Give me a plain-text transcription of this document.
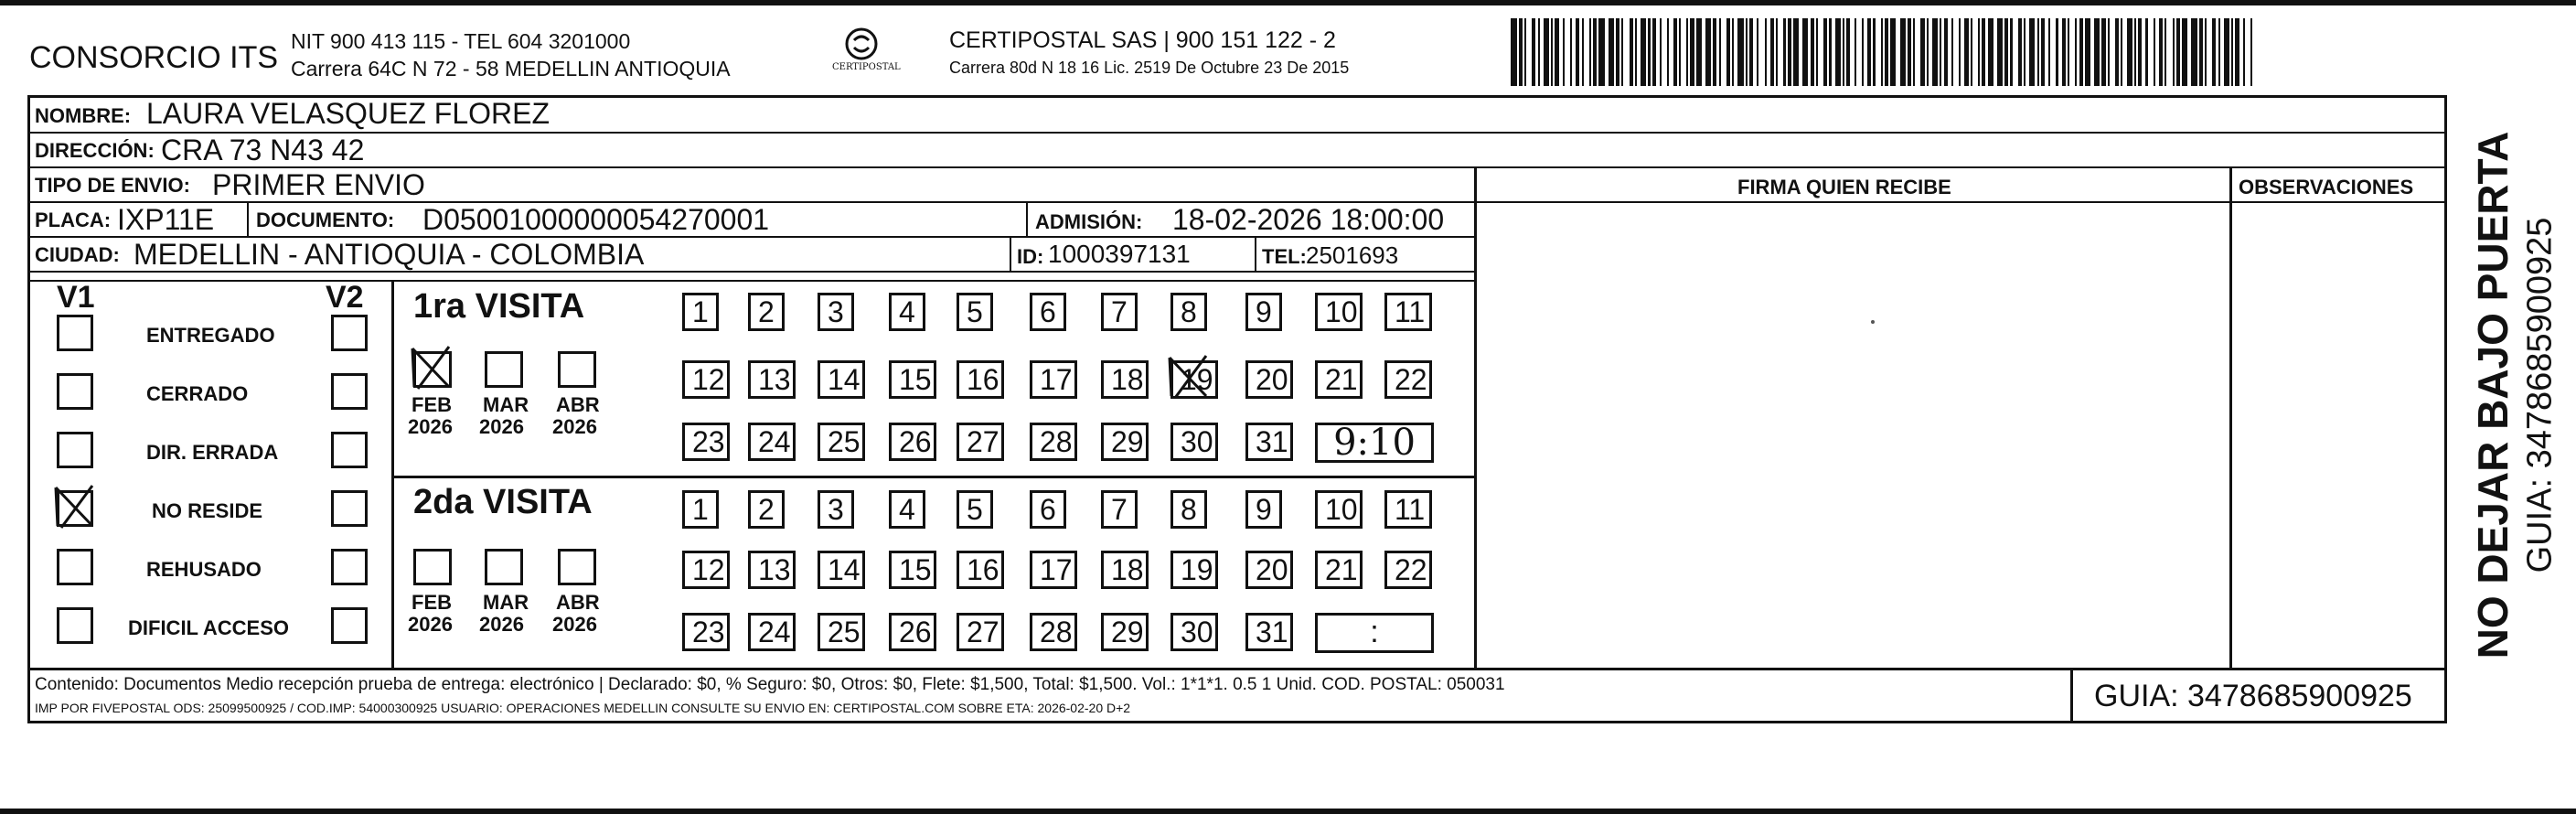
CONSORCIO ITS NIT 900 413 115 - TEL 604 3201000
Carrera 64C N 72 - 58 MEDELLIN ANTIOQUIA	CERTIPOSTAL
CERTIPOSTAL SAS | 900 151 122 - 2
Carrera 80d N 18 16 Lic. 2519 De Octubre 23 De 2015
NOMBRE: LAURA VELASQUEZ FLOREZ
DIRECCIÓN: CRA 73 N43 42
TIPO DE ENVIO: PRIMER ENVIO
PLACA: IXP11E DOCUMENTO: D05001000000054270001	ADMISIÓN: 18-02-2026 18:00:00
CIUDAD: MEDELLIN - ANTIOQUIA - COLOMBIA	ID: 1000397131	TEL: 2501693
FIRMA QUIEN RECIBE	OBSERVACIONES
V1	V2
ENTREGADO
CERRADO
DIR. ERRADA
NO RESIDE
REHUSADO
DIFICIL ACCESO
1ra VISITA
FEB
2026
MAR
2026
ABR
2026
1	2	3	4	5	6	7	8	9	10	11
12	13	14	15	16	17	18	19	20	21	22
23	24	25	26	27	28	29	30	31	9:10
2da VISITA
FEB
2026
MAR
2026
ABR
2026
1	2	3	4	5	6	7	8	9	10	11
12	13	14	15	16	17	18	19	20	21	22
23	24	25	26	27	28	29	30	31	:
Contenido: Documentos Medio recepción prueba de entrega: electrónico | Declarado: $0, % Seguro: $0, Otros: $0, Flete: $1,500, Total: $1,500. Vol.: 1*1*1. 0.5 1 Unid. COD. POSTAL: 050031
IMP POR FIVEPOSTAL ODS: 25099500925 / COD.IMP: 54000300925 USUARIO: OPERACIONES MEDELLIN CONSULTE SU ENVIO EN: CERTIPOSTAL.COM SOBRE ETA: 2026-02-20 D+2	GUIA: 3478685900925
NO DEJAR BAJO PUERTA GUIA: 3478685900925
